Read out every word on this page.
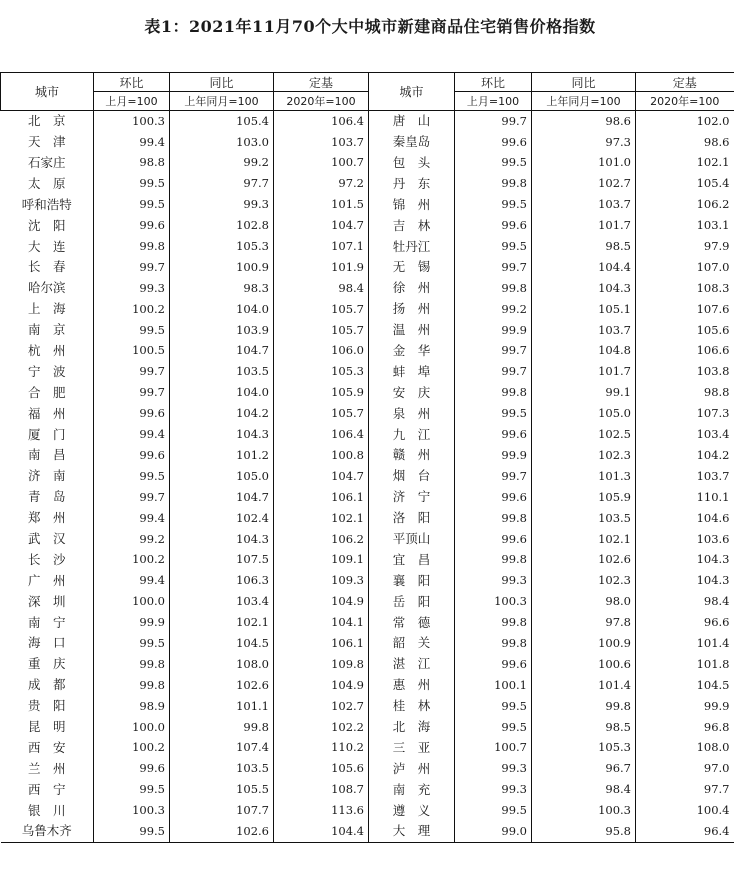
表1：2021年11月70个大中城市新建商品住宅销售价格指数
城市	环比	同比	定基	城市	环比	同比	定基
	上月=100	上年同月=100	2020年=100		上月=100	上年同月=100	2020年=100
北　京	100.3	105.4	106.4	唐　山	99.7	98.6	102.0
天　津	99.4	103.0	103.7	秦皇岛	99.6	97.3	98.6
石家庄	98.8	99.2	100.7	包　头	99.5	101.0	102.1
太　原	99.5	97.7	97.2	丹　东	99.8	102.7	105.4
呼和浩特	99.5	99.3	101.5	锦　州	99.5	103.7	106.2
沈　阳	99.6	102.8	104.7	吉　林	99.6	101.7	103.1
大　连	99.8	105.3	107.1	牡丹江	99.5	98.5	97.9
长　春	99.7	100.9	101.9	无　锡	99.7	104.4	107.0
哈尔滨	99.3	98.3	98.4	徐　州	99.8	104.3	108.3
上　海	100.2	104.0	105.7	扬　州	99.2	105.1	107.6
南　京	99.5	103.9	105.7	温　州	99.9	103.7	105.6
杭　州	100.5	104.7	106.0	金　华	99.7	104.8	106.6
宁　波	99.7	103.5	105.3	蚌　埠	99.7	101.7	103.8
合　肥	99.7	104.0	105.9	安　庆	99.8	99.1	98.8
福　州	99.6	104.2	105.7	泉　州	99.5	105.0	107.3
厦　门	99.4	104.3	106.4	九　江	99.6	102.5	103.4
南　昌	99.6	101.2	100.8	赣　州	99.9	102.3	104.2
济　南	99.5	105.0	104.7	烟　台	99.7	101.3	103.7
青　岛	99.7	104.7	106.1	济　宁	99.6	105.9	110.1
郑　州	99.4	102.4	102.1	洛　阳	99.8	103.5	104.6
武　汉	99.2	104.3	106.2	平顶山	99.6	102.1	103.6
长　沙	100.2	107.5	109.1	宜　昌	99.8	102.6	104.3
广　州	99.4	106.3	109.3	襄　阳	99.3	102.3	104.3
深　圳	100.0	103.4	104.9	岳　阳	100.3	98.0	98.4
南　宁	99.9	102.1	104.1	常　德	99.8	97.8	96.6
海　口	99.5	104.5	106.1	韶　关	99.8	100.9	101.4
重　庆	99.8	108.0	109.8	湛　江	99.6	100.6	101.8
成　都	99.8	102.6	104.9	惠　州	100.1	101.4	104.5
贵　阳	98.9	101.1	102.7	桂　林	99.5	99.8	99.9
昆　明	100.0	99.8	102.2	北　海	99.5	98.5	96.8
西　安	100.2	107.4	110.2	三　亚	100.7	105.3	108.0
兰　州	99.6	103.5	105.6	泸　州	99.3	96.7	97.0
西　宁	99.5	105.5	108.7	南　充	99.3	98.4	97.7
银　川	100.3	107.7	113.6	遵　义	99.5	100.3	100.4
乌鲁木齐	99.5	102.6	104.4	大　理	99.0	95.8	96.4
